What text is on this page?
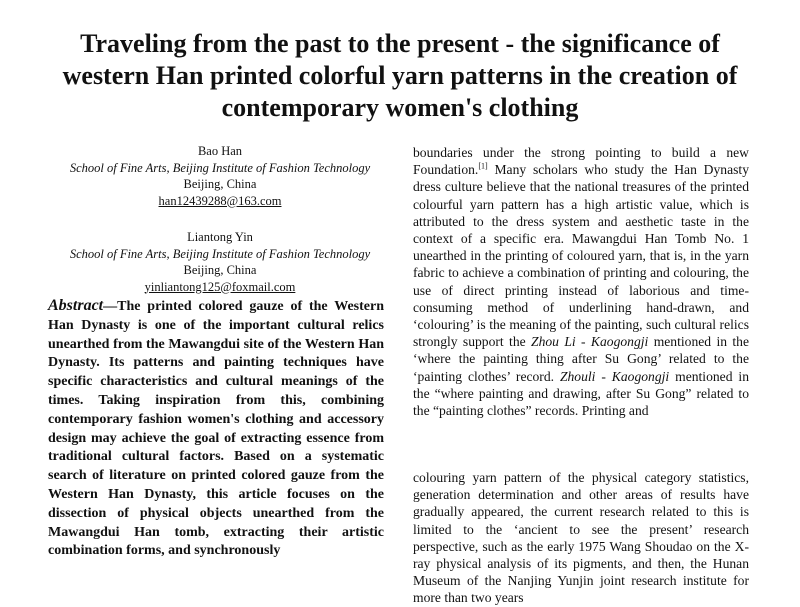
Traveling from the past to the present - the significance of
western Han printed colorful yarn patterns in the creation of
contemporary women's clothing
Bao Han
School of Fine Arts, Beijing Institute of Fashion Technology
Beijing, China
han12439288@163.com
Liantong Yin
School of Fine Arts, Beijing Institute of Fashion Technology
Beijing, China
yinliantong125@foxmail.com

Abstract—The printed colored gauze of the Western Han Dynasty is one of the important cultural relics unearthed from the Mawangdui site of the Western Han Dynasty. Its patterns and painting techniques have specific characteristics and cultural meanings of the times. Taking inspiration from this, combining contemporary fashion women's clothing and accessory design may achieve the goal of extracting essence from traditional cultural factors. Based on a systematic search of literature on printed colored gauze from the Western Han Dynasty, this article focuses on the dissection of physical objects unearthed from the Mawangdui Han tomb, extracting their artistic combination forms, and synchronously

boundaries under the strong pointing to build a new Foundation.[1] Many scholars who study the Han Dynasty dress culture believe that the national treasures of the printed colourful yarn pattern has a high artistic value, which is attributed to the dress system and aesthetic taste in the context of a specific era. Mawangdui Han Tomb No. 1 unearthed in the printing of coloured yarn, that is, in the yarn fabric to achieve a combination of printing and colouring, the use of direct printing instead of laborious and time-consuming method of underlining hand-drawn, and ‘colouring’ is the meaning of the painting, such cultural relics strongly support the Zhou Li - Kaogongji mentioned in the ‘where the painting thing after Su Gong’ related to the ‘painting clothes’ record. Zhouli - Kaogongji mentioned in the “where painting and drawing, after Su Gong” related to the “painting clothes” records. Printing and

colouring yarn pattern of the physical category statistics, generation determination and other areas of results have gradually appeared, the current research related to this is limited to the ‘ancient to see the present’ research perspective, such as the early 1975 Wang Shoudao on the X-ray physical analysis of its pigments, and then, the Hunan Museum of the Nanjing Yunjin joint research institute for more than two years
